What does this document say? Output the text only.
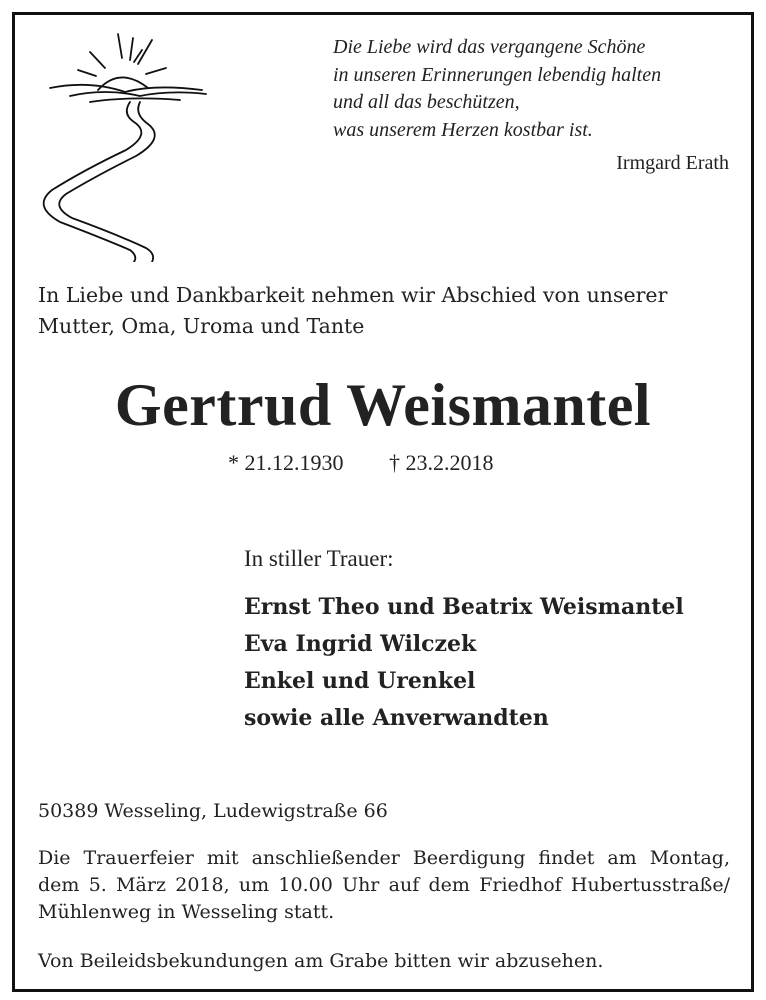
Die Liebe wird das vergangene Schöne
in unseren Erinnerungen lebendig halten
und all das beschützen,
was unserem Herzen kostbar ist.
Irmgard Erath
In Liebe und Dankbarkeit nehmen wir Abschied von unserer
Mutter, Oma, Uroma und Tante
Gertrud Weismantel
* 21.12.1930 † 23.2.2018
In stiller Trauer:
Ernst Theo und Beatrix Weismantel
Eva Ingrid Wilczek
Enkel und Urenkel
sowie alle Anverwandten
50389 Wesseling, Ludewigstraße 66
Die Trauerfeier mit anschließender Beerdigung findet am Montag,
dem 5. März 2018, um 10.00 Uhr auf dem Friedhof Hubertusstraße/
Mühlenweg in Wesseling statt.
Von Beileidsbekundungen am Grabe bitten wir abzusehen.
